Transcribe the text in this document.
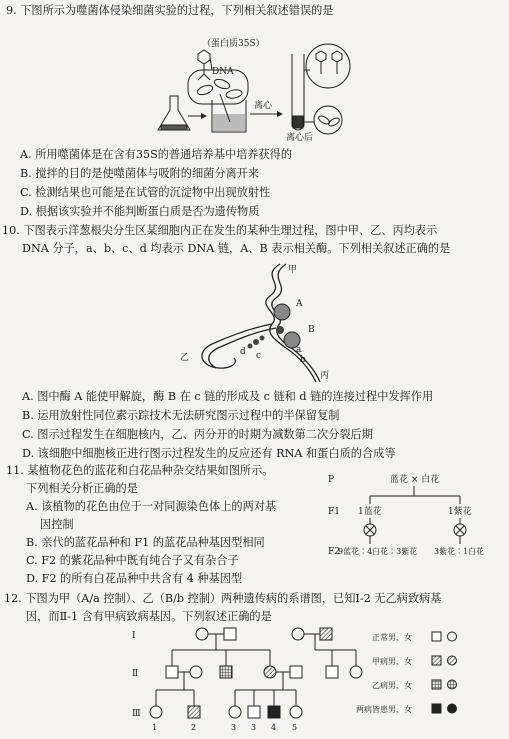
9. 下图所示为噬菌体侵染细菌实验的过程，下列相关叙述错误的是
（蛋白质35S）
DNA
离心
离心后
A. 所用噬菌体是在含有35S的普通培养基中培养获得的
B. 搅拌的目的是使噬菌体与吸附的细菌分离开来
C. 检测结果也可能是在试管的沉淀物中出现放射性
D. 根据该实验并不能判断蛋白质是否为遗传物质
10. 下图表示洋葱根尖分生区某细胞内正在发生的某种生理过程，图中甲、乙、丙均表示
DNA 分子，a、b、c、d 均表示 DNA 链，A、B 表示相关酶。下列相关叙述正确的是
甲
A
B
a
b
c
d
乙
丙
A. 图中酶 A 能使甲解旋，酶 B 在 c 链的形成及 c 链和 d 链的连接过程中发挥作用
B. 运用放射性同位素示踪技术无法研究图示过程中的半保留复制
C. 图示过程发生在细胞核内，乙、丙分开的时期为减数第二次分裂后期
D. 该细胞中细胞核正进行图示过程发生的反应还有 RNA 和蛋白质的合成等
11. 某植物花色的蓝花和白花品种杂交结果如图所示。
下列相关分析正确的是
A. 该植物的花色由位于一对同源染色体上的两对基
因控制
B. 亲代的蓝花品种和 F1 的蓝花品种基因型相同
C. F2 的紫花品种中既有纯合子又有杂合子
D. F2 的所有白花品种中共含有 4 种基因型
P	蓝花 × 白花
F1 1蓝花	1紫花
F2
9蓝花∶4白花∶3紫花 3紫花∶1白花
12. 下图为甲（A/a 控制）、乙（B/b 控制）两种遗传病的系谱图，已知Ⅰ-2 无乙病致病基
因，而Ⅱ-1 含有甲病致病基因。下列叙述正确的是
Ⅰ
Ⅱ
Ⅲ
1	2	3 3 4 5
正常男、女
甲病男、女
乙病男、女
两病皆患男、女
